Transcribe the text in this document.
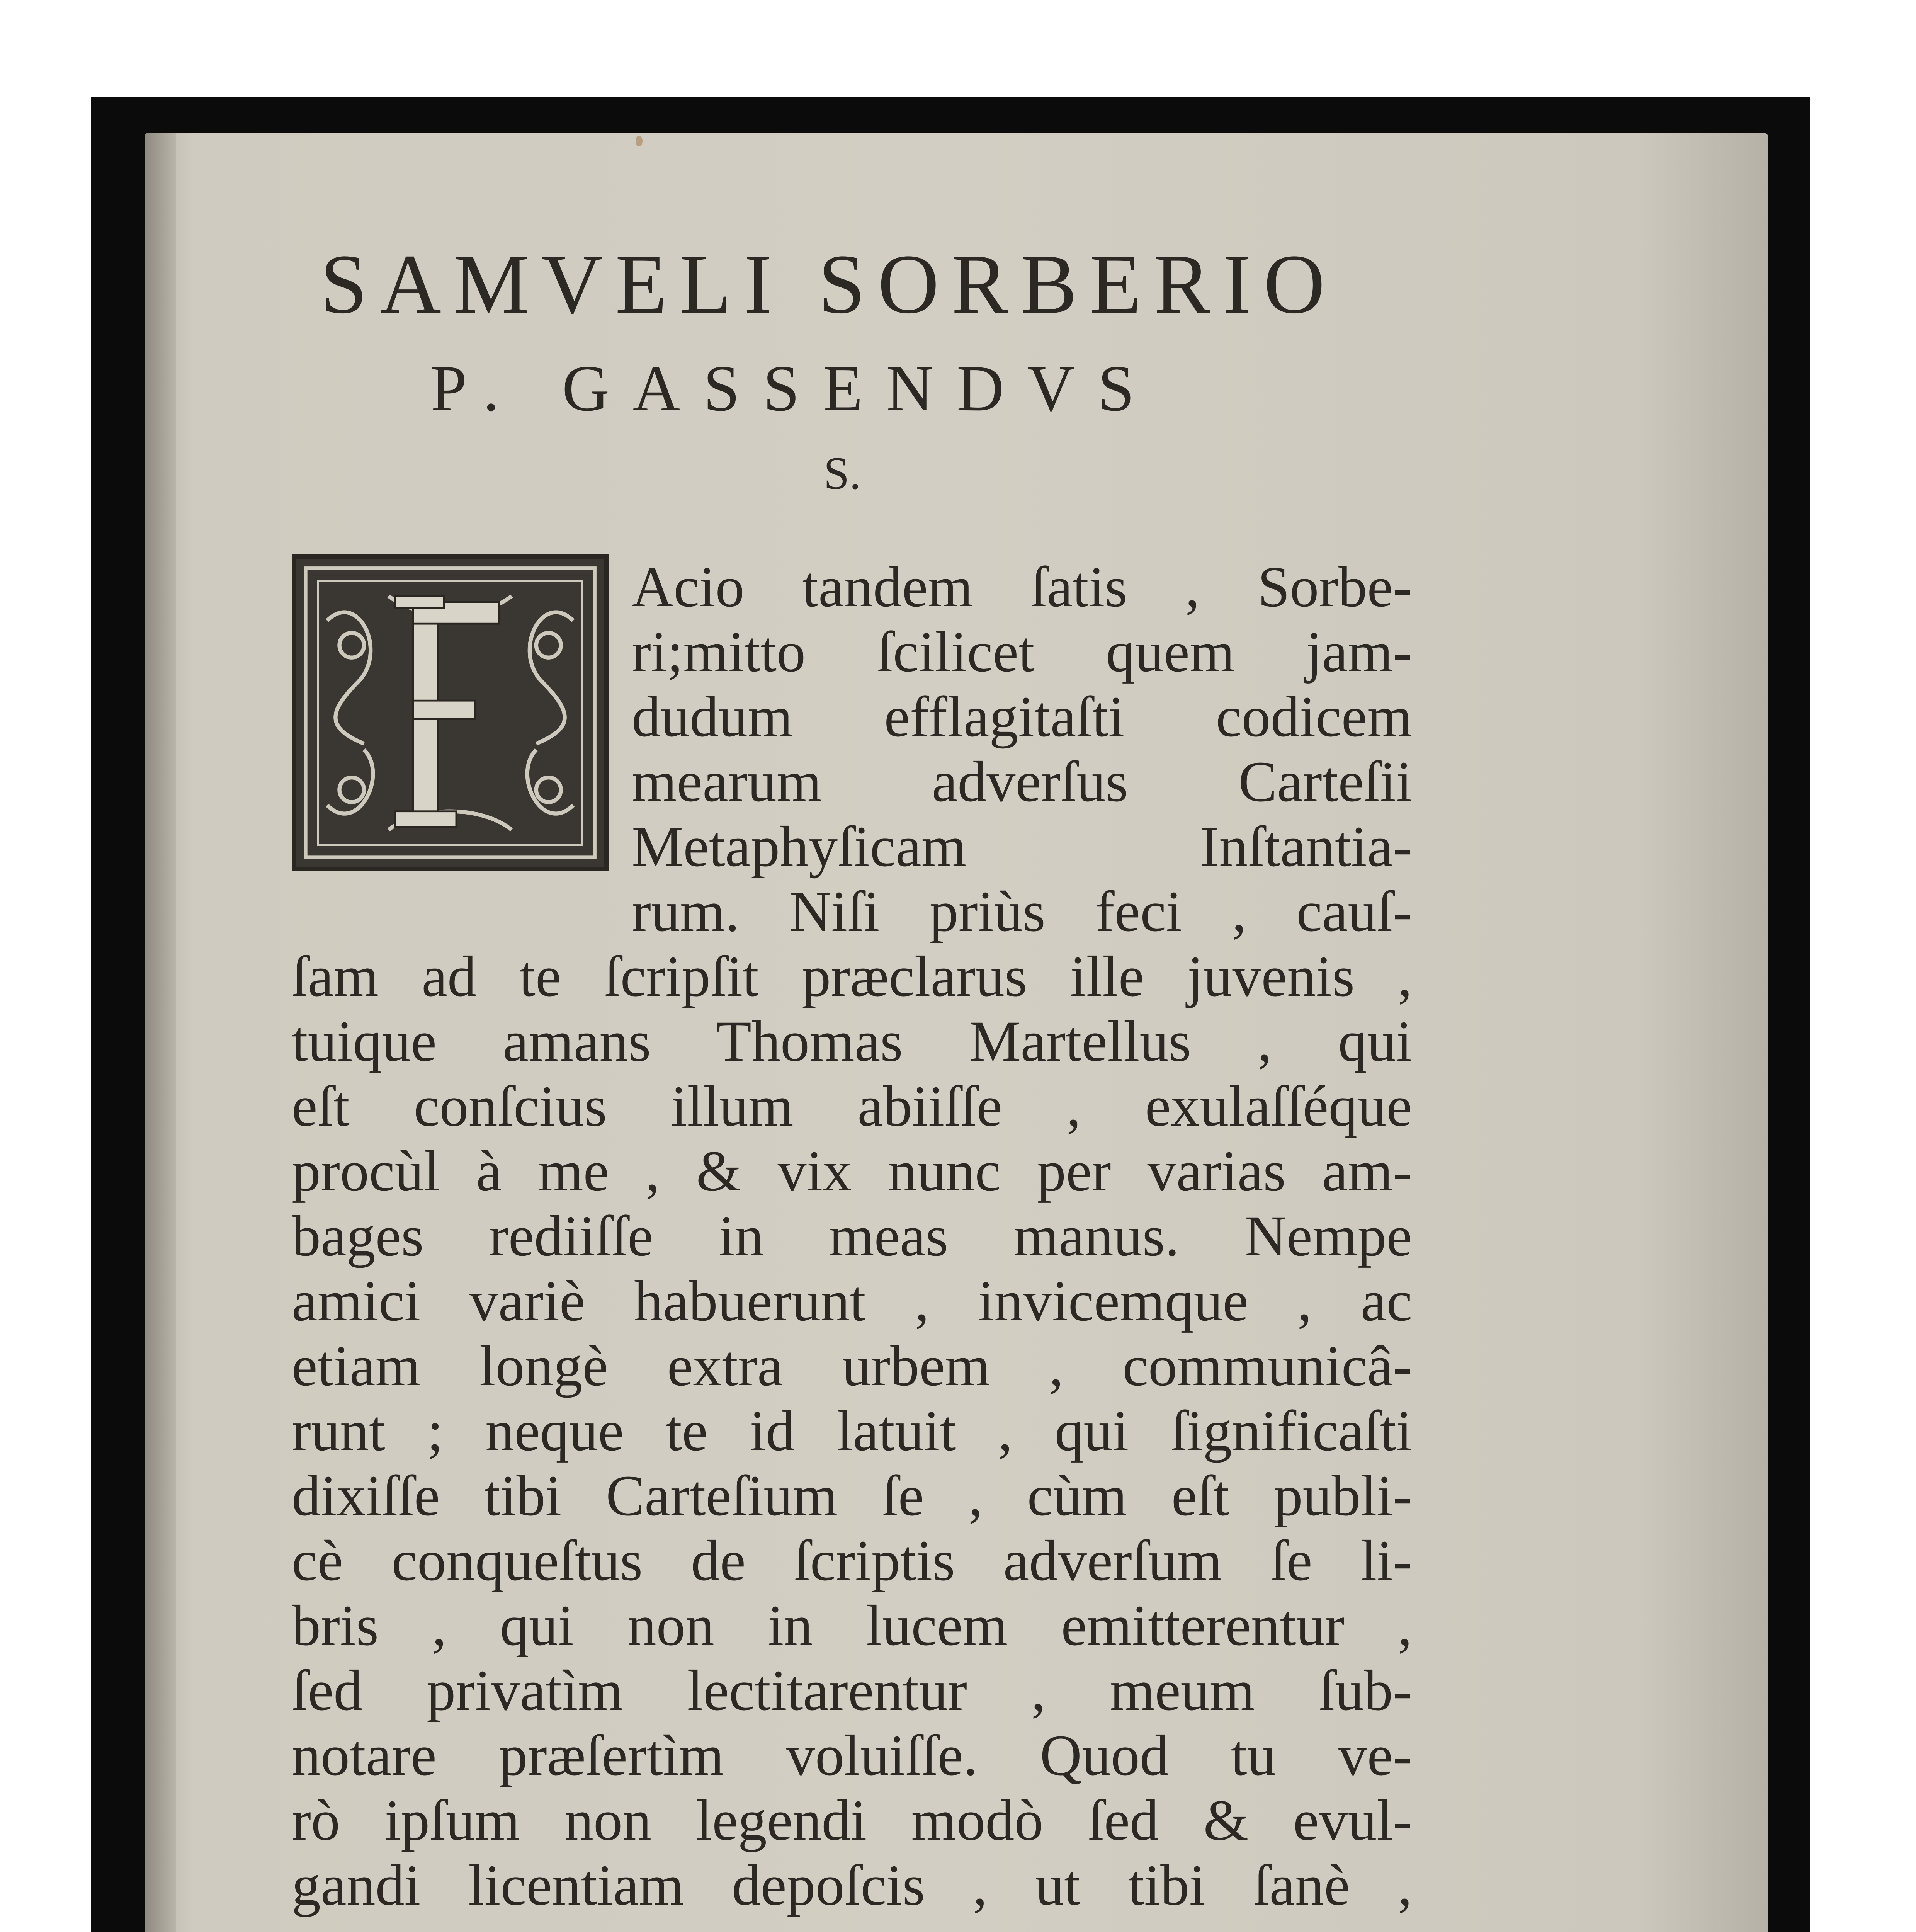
SAMVELI SORBERIO
P. GASSENDVS
S.
Acio tandem ſatis , Sorbe-
ri;mitto ſcilicet quem jam-
dudum efflagitaſti codicem
mearum adverſus Carteſii
Metaphyſicam Inſtantia-
rum. Niſi priùs feci , cauſ-
ſam ad te ſcripſit præclarus ille juvenis ,
tuique amans Thomas Martellus , qui
eſt conſcius illum abiiſſe , exulaſſéque
procùl à me , & vix nunc per varias am-
bages rediiſſe in meas manus. Nempe
amici variè habuerunt , invicemque , ac
etiam longè extra urbem , communicâ-
runt ; neque te id latuit , qui ſignificaſti
dixiſſe tibi Carteſium ſe , cùm eſt publi-
cè conqueſtus de ſcriptis adverſum ſe li-
bris , qui non in lucem emitterentur ,
ſed privatìm lectitarentur , meum ſub-
notare præſertìm voluiſſe. Quod tu ve-
rò ipſum non legendi modò ſed & evul-
gandi licentiam depoſcis , ut tibi ſanè ,
